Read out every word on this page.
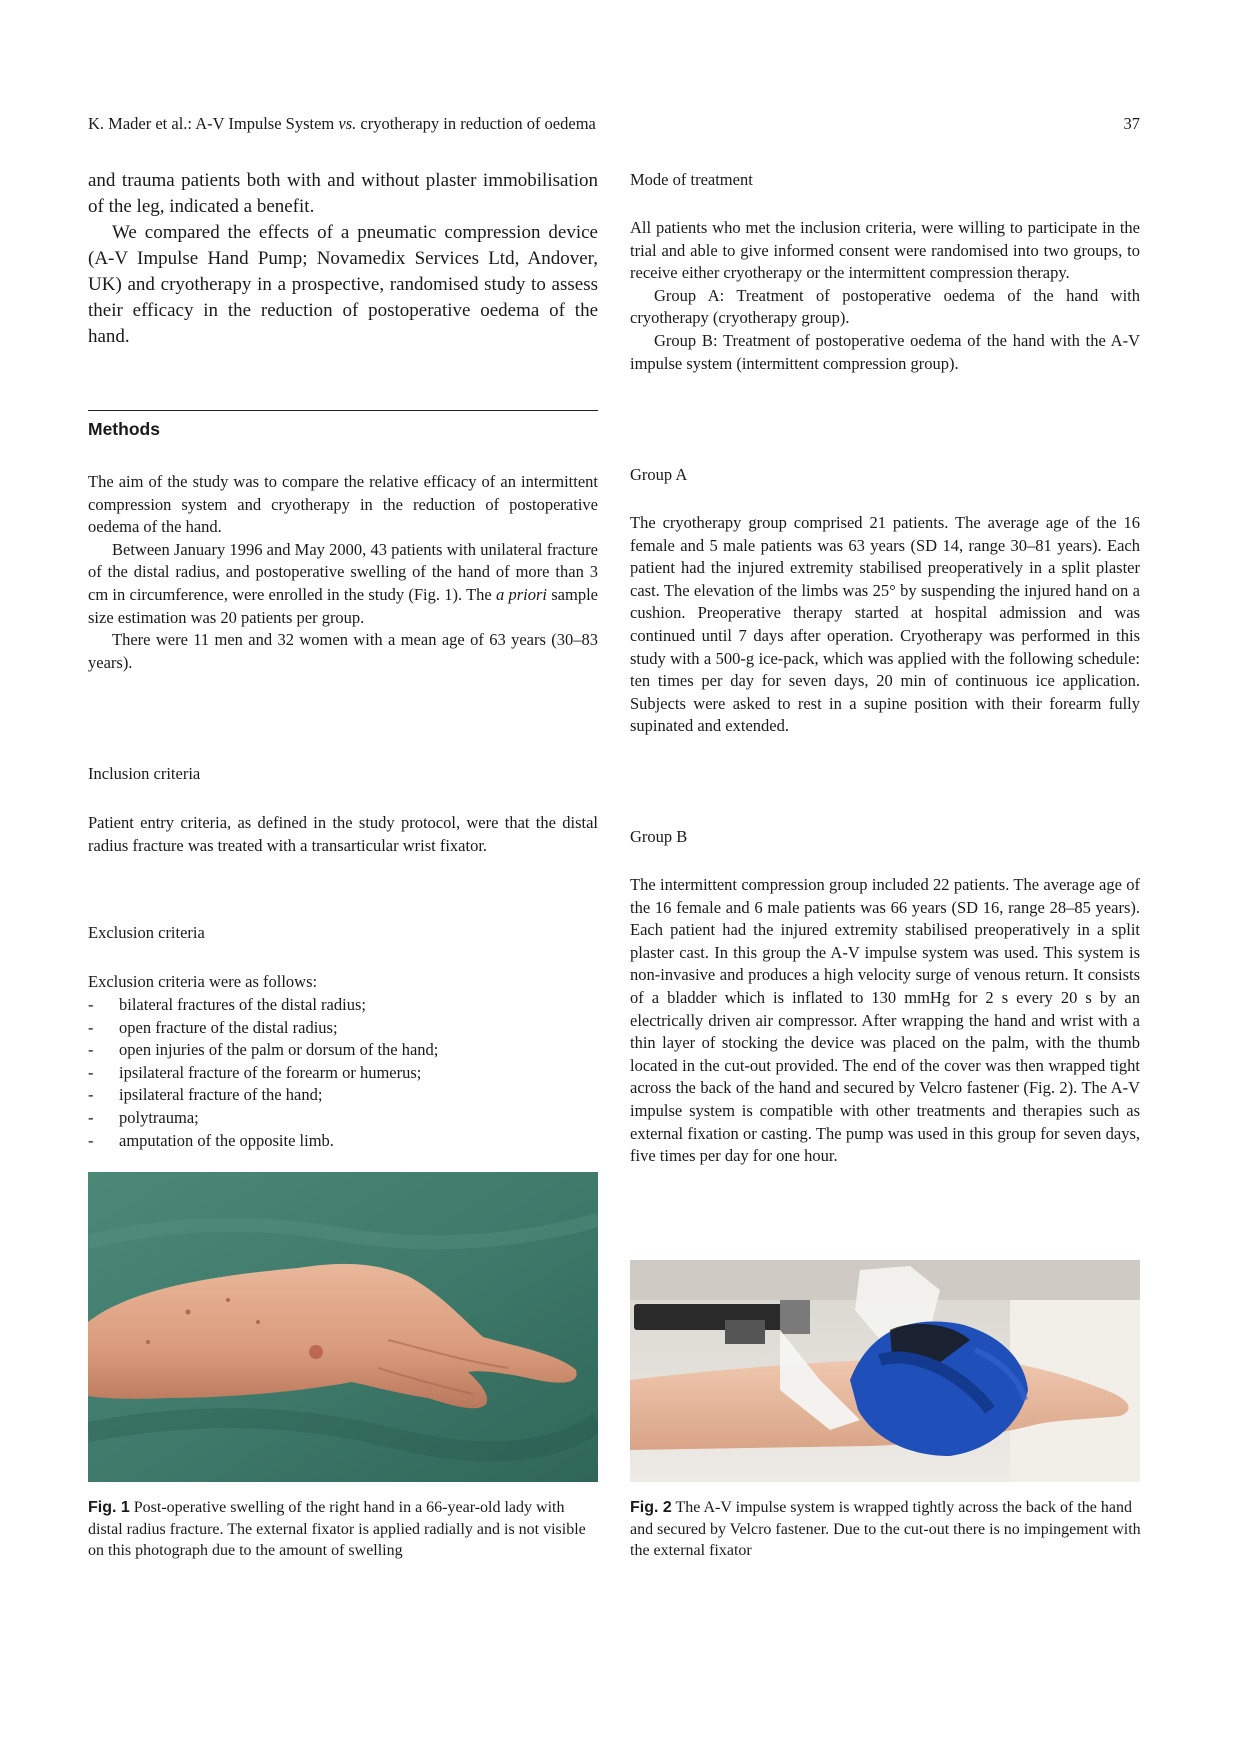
K. Mader et al.: A-V Impulse System vs. cryotherapy in reduction of oedema	37

and trauma patients both with and without plaster immobilisation of the leg, indicated a benefit.

We compared the effects of a pneumatic compression device (A-V Impulse Hand Pump; Novamedix Services Ltd, Andover, UK) and cryotherapy in a prospective, randomised study to assess their efficacy in the reduction of postoperative oedema of the hand.

Methods

The aim of the study was to compare the relative efficacy of an intermittent compression system and cryotherapy in the reduction of postoperative oedema of the hand.

Between January 1996 and May 2000, 43 patients with unilateral fracture of the distal radius, and postoperative swelling of the hand of more than 3 cm in circumference, were enrolled in the study (Fig. 1). The a priori sample size estimation was 20 patients per group.

There were 11 men and 32 women with a mean age of 63 years (30–83 years).

Inclusion criteria
Patient entry criteria, as defined in the study protocol, were that the distal radius fracture was treated with a transarticular wrist fixator.
Exclusion criteria
Exclusion criteria were as follows:
- bilateral fractures of the distal radius;
- open fracture of the distal radius;
- open injuries of the palm or dorsum of the hand;
- ipsilateral fracture of the forearm or humerus;
- ipsilateral fracture of the hand;
- polytrauma;
- amputation of the opposite limb.
Fig. 1 Post-operative swelling of the right hand in a 66-year-old lady with distal radius fracture. The external fixator is applied radially and is not visible on this photograph due to the amount of swelling
Mode of treatment

All patients who met the inclusion criteria, were willing to participate in the trial and able to give informed consent were randomised into two groups, to receive either cryotherapy or the intermittent compression therapy.

Group A: Treatment of postoperative oedema of the hand with cryotherapy (cryotherapy group).

Group B: Treatment of postoperative oedema of the hand with the A-V impulse system (intermittent compression group).

Group A
The cryotherapy group comprised 21 patients. The average age of the 16 female and 5 male patients was 63 years (SD 14, range 30–81 years). Each patient had the injured extremity stabilised preoperatively in a split plaster cast. The elevation of the limbs was 25° by suspending the injured hand on a cushion. Preoperative therapy started at hospital admission and was continued until 7 days after operation. Cryotherapy was performed in this study with a 500-g ice-pack, which was applied with the following schedule: ten times per day for seven days, 20 min of continuous ice application. Subjects were asked to rest in a supine position with their forearm fully supinated and extended.
Group B
The intermittent compression group included 22 patients. The average age of the 16 female and 6 male patients was 66 years (SD 16, range 28–85 years). Each patient had the injured extremity stabilised preoperatively in a split plaster cast. In this group the A-V impulse system was used. This system is non-invasive and produces a high velocity surge of venous return. It consists of a bladder which is inflated to 130 mmHg for 2 s every 20 s by an electrically driven air compressor. After wrapping the hand and wrist with a thin layer of stocking the device was placed on the palm, with the thumb located in the cut-out provided. The end of the cover was then wrapped tight across the back of the hand and secured by Velcro fastener (Fig. 2). The A-V impulse system is compatible with other treatments and therapies such as external fixation or casting. The pump was used in this group for seven days, five times per day for one hour.
Fig. 2 The A-V impulse system is wrapped tightly across the back of the hand and secured by Velcro fastener. Due to the cut-out there is no impingement with the external fixator
